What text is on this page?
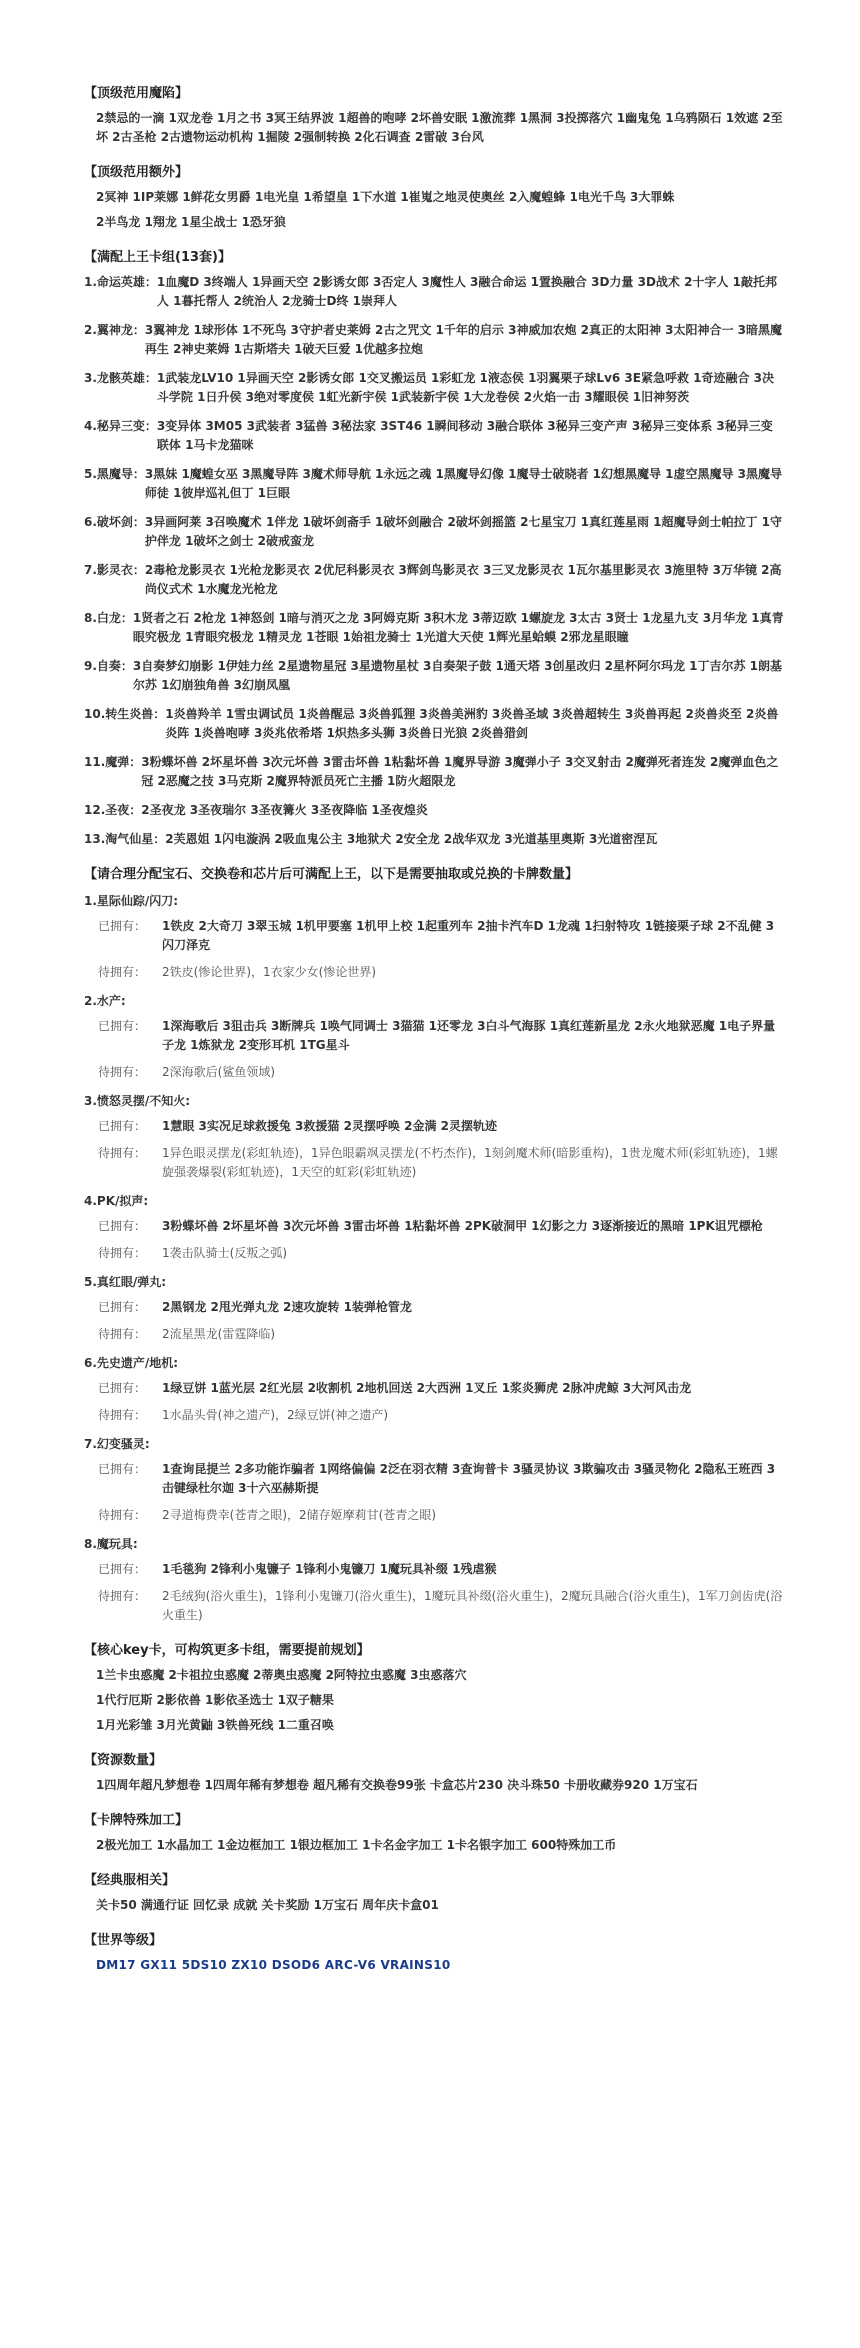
【顶级范用魔陷】
2禁忌的一滴 1双龙卷 1月之书 3冥王结界波 1超兽的咆哮 2坏兽安眠 1激流葬 1黑洞 3投掷落穴 1幽鬼兔 1乌鸦陨石 1效遮 2至坏 2古圣枪 2古遗物运动机构 1掘陵 2强制转换 2化石调查 2雷破 3台风
【顶级范用额外】
2冥神 1IP莱娜 1鲜花女男爵 1电光皇 1希望皇 1下水道 1崔嵬之地灵使奥丝 2入魔蝗蜂 1电光千鸟 3大罪蛛
2半鸟龙 1翔龙 1星尘战士 1恐牙狼
【满配上王卡组(13套)】
1.命运英雄： 1血魔D 3终端人 1异画天空 2影诱女郎 3否定人 3魔性人 3融合命运 1置换融合 3D力量 3D战术 2十字人 1敲托邦人 1暮托帮人 2统治人 2龙骑士D终 1崇拜人
2.翼神龙： 3翼神龙 1球形体 1不死鸟 3守护者史莱姆 2古之咒文 1千年的启示 3神威加农炮 2真正的太阳神 3太阳神合一 3暗黑魔再生 2神史莱姆 1古斯塔夫 1破天巨爱 1优越多拉炮
3.龙骸英雄： 1武装龙LV10 1异画天空 2影诱女郎 1交叉搬运员 1彩虹龙 1液态侯 1羽翼栗子球Lv6 3E紧急呼救 1奇迹融合 3决斗学院 1日升侯 3绝对零度侯 1虹光新宇侯 1武装新宇侯 1大龙卷侯 2火焰一击 3耀眼侯 1旧神努茨
4.秘异三变： 3变异体 3M05 3武装者 3猛兽 3秘法家 3ST46 1瞬间移动 3融合联体 3秘异三变产声 3秘异三变体系 3秘异三变联体 1马卡龙猫咪
5.黑魔导： 3黑妹 1魔蝗女巫 3黑魔导阵 3魔术师导航 1永远之魂 1黑魔导幻像 1魔导士破晓者 1幻想黑魔导 1虚空黑魔导 3黑魔导师徒 1彼岸巡礼但丁 1巨眼
6.破坏剑： 3异画阿莱 3召唤魔术 1伴龙 1破坏剑斋手 1破坏剑融合 2破坏剑摇篮 2七星宝刀 1真红莲星雨 1超魔导剑士帕拉丁 1守护伴龙 1破坏之剑士 2破戒蛮龙
7.影灵衣： 2毒枪龙影灵衣 1光枪龙影灵衣 2优尼科影灵衣 3辉剑鸟影灵衣 3三叉龙影灵衣 1瓦尔基里影灵衣 3施里特 3万华镜 2高尚仪式术 1水魔龙光枪龙
8.白龙： 1贤者之石 2枪龙 1神怒剑 1暗与消灭之龙 3阿姆克斯 3积木龙 3蒂迈欧 1螺旋龙 3太古 3贤士 1龙星九支 3月华龙 1真青眼究极龙 1青眼究极龙 1精灵龙 1苍眼 1始祖龙骑士 1光道大天使 1辉光星蛤蟆 2邪龙星眼瞳
9.自奏： 3自奏梦幻崩影 1伊娃力丝 2星遗物星冠 3星遗物星杖 3自奏架子鼓 1通天塔 3创星改归 2星杯阿尔玛龙 1丁吉尔苏 1朗基尔苏 1幻崩独角兽 3幻崩凤凰
10.转生炎兽： 1炎兽羚羊 1雪虫调试员 1炎兽醒忌 3炎兽狐狸 3炎兽美洲豹 3炎兽圣域 3炎兽超转生 3炎兽再起 2炎兽炎至 2炎兽炎阵 1炎兽咆哮 3炎兆依希塔 1炽热多头狮 3炎兽日光狼 2炎兽猎剑
11.魔弹： 3粉蝶坏兽 2坏星坏兽 3次元坏兽 3雷击坏兽 1粘黏坏兽 1魔界导游 3魔弹小子 3交叉射击 2魔弹死者连发 2魔弹血色之冠 2恶魔之技 3马克斯 2魔界特派员死亡主播 1防火超限龙
12.圣夜： 2圣夜龙 3圣夜瑞尔 3圣夜篝火 3圣夜降临 1圣夜煌炎
13.淘气仙星： 2芙恩姐 1闪电漩涡 2吸血鬼公主 3地狱犬 2安全龙 2战华双龙 3光道基里奥斯 3光道密涅瓦
【请合理分配宝石、交换卷和芯片后可满配上王，以下是需要抽取或兑换的卡牌数量】
1.星际仙踪/闪刀:
已拥有：	1铁皮 2大奇刀 3翠玉城 1机甲要塞 1机甲上校 1起重列车 2抽卡汽车D 1龙魂 1扫射特攻 1链接栗子球 2不乱健 3闪刀泽克
待拥有：	2铁皮(惨论世界)，1衣家少女(惨论世界)
2.水产:
已拥有：	1深海歌后 3狙击兵 3断牌兵 1唤气同调士 3猫猫 1还零龙 3白斗气海豚 1真红莲新星龙 2永火地狱恶魔 1电子界量子龙 1炼狱龙 2变形耳机 1TG星斗
待拥有：	2深海歌后(鲨鱼领域)
3.愤怒灵摆/不知火:
已拥有：	1慧眼 3实况足球救援兔 3救援猫 2灵摆呼唤 2金满 2灵摆轨迹
待拥有：	1异色眼灵摆龙(彩虹轨迹)，1异色眼霸飒灵摆龙(不朽杰作)，1刻剑魔术师(暗影重构)，1贵龙魔术师(彩虹轨迹)，1螺旋强袭爆裂(彩虹轨迹)，1天空的虹彩(彩虹轨迹)
4.PK/拟声:
已拥有：	3粉蝶坏兽 2坏星坏兽 3次元坏兽 3雷击坏兽 1粘黏坏兽 2PK破洞甲 1幻影之力 3逐渐接近的黑暗 1PK诅咒標枪
待拥有：	1袭击队骑士(反叛之弧)
5.真红眼/弹丸:
已拥有：	2黑钢龙 2甩光弹丸龙 2速攻旋转 1装弹枪管龙
待拥有：	2流星黑龙(雷霆降临)
6.先史遗产/地机:
已拥有：	1绿豆饼 1蓝光层 2红光层 2收割机 2地机回送 2大西洲 1叉丘 1浆炎狮虎 2脉冲虎鲸 3大河风击龙
待拥有：	1水晶头骨(神之遗产)，2绿豆饼(神之遗产)
7.幻变骚灵:
已拥有：	1查询昆提兰 2多功能诈骗者 1网络偏偏 2泛在羽衣精 3查询普卡 3骚灵协议 3欺骗攻击 3骚灵物化 2隐私王班西 3击键绿杜尔迦 3十六巫赫斯提
待拥有：	2寻道梅费幸(苍青之眼)，2储存姬摩莉甘(苍青之眼)
8.魔玩具:
已拥有：	1毛毯狗 2锋利小鬼镰子 1锋利小鬼镰刀 1魔玩具补缀 1残虐猴
待拥有：	2毛绒狗(浴火重生)，1锋利小鬼镰刀(浴火重生)，1魔玩具补缀(浴火重生)，2魔玩具融合(浴火重生)，1军刀剑齿虎(浴火重生)
【核心key卡，可构筑更多卡组，需要提前规划】
1兰卡虫惑魔 2卡祖拉虫惑魔 2蒂奥虫惑魔 2阿特拉虫惑魔 3虫惑落穴
1代行厄斯 2影依兽 1影依圣选士 1双子糖果
1月光彩雏 3月光黄鼬 3铁兽死线 1二重召唤
【资源数量】
1四周年超凡梦想卷 1四周年稀有梦想卷 超凡稀有交换卷99张 卡盒芯片230 决斗珠50 卡册收藏券920 1万宝石
【卡牌特殊加工】
2极光加工 1水晶加工 1金边框加工 1银边框加工 1卡名金字加工 1卡名银字加工 600特殊加工币
【经典服相关】
关卡50 满通行证 回忆录 成就 关卡奖励 1万宝石 周年庆卡盒01
【世界等级】
DM17 GX11 5DS10 ZX10 DSOD6 ARC-V6 VRAINS10
